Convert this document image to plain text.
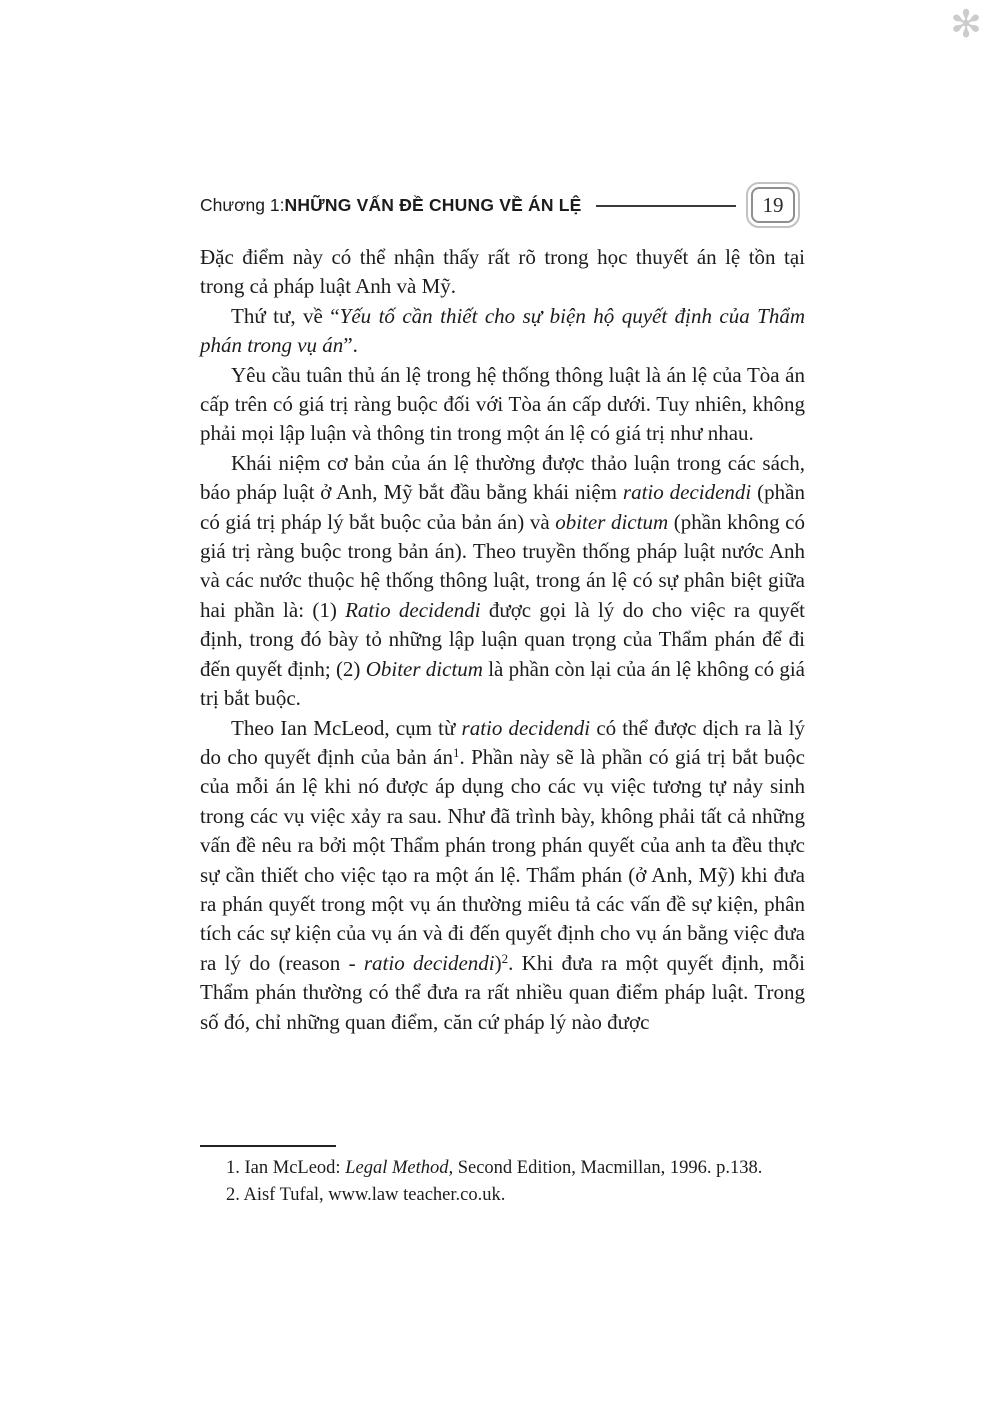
✻
Chương 1: NHỮNG VẤN ĐỀ CHUNG VỀ ÁN LỆ	19

Đặc điểm này có thể nhận thấy rất rõ trong học thuyết án lệ tồn tại trong cả pháp luật Anh và Mỹ.

Thứ tư, về “Yếu tố cần thiết cho sự biện hộ quyết định của Thẩm phán trong vụ án”.

Yêu cầu tuân thủ án lệ trong hệ thống thông luật là án lệ của Tòa án cấp trên có giá trị ràng buộc đối với Tòa án cấp dưới. Tuy nhiên, không phải mọi lập luận và thông tin trong một án lệ có giá trị như nhau.

Khái niệm cơ bản của án lệ thường được thảo luận trong các sách, báo pháp luật ở Anh, Mỹ bắt đầu bằng khái niệm ratio decidendi (phần có giá trị pháp lý bắt buộc của bản án) và obiter dictum (phần không có giá trị ràng buộc trong bản án). Theo truyền thống pháp luật nước Anh và các nước thuộc hệ thống thông luật, trong án lệ có sự phân biệt giữa hai phần là: (1) Ratio decidendi được gọi là lý do cho việc ra quyết định, trong đó bày tỏ những lập luận quan trọng của Thẩm phán để đi đến quyết định; (2) Obiter dictum là phần còn lại của án lệ không có giá trị bắt buộc.

Theo Ian McLeod, cụm từ ratio decidendi có thể được dịch ra là lý do cho quyết định của bản $án^1$. Phần này sẽ là phần có giá trị bắt buộc của mỗi án lệ khi nó được áp dụng cho các vụ việc tương tự nảy sinh trong các vụ việc xảy ra sau. Như đã trình bày, không phải tất cả những vấn đề nêu ra bởi một Thẩm phán trong phán quyết của anh ta đều thực sự cần thiết cho việc tạo ra một án lệ. Thẩm phán (ở Anh, Mỹ) khi đưa ra phán quyết trong một vụ án thường miêu tả các vấn đề sự kiện, phân tích các sự kiện của vụ án và đi đến quyết định cho vụ án bằng việc đưa ra lý do (reason - ratio decidendi)$^2$. Khi đưa ra một quyết định, mỗi Thẩm phán thường có thể đưa ra rất nhiều quan điểm pháp luật. Trong số đó, chỉ những quan điểm, căn cứ pháp lý nào được

1. Ian McLeod: Legal Method, Second Edition, Macmillan, 1996. p.138.

2. Aisf Tufal, www.law teacher.co.uk.
